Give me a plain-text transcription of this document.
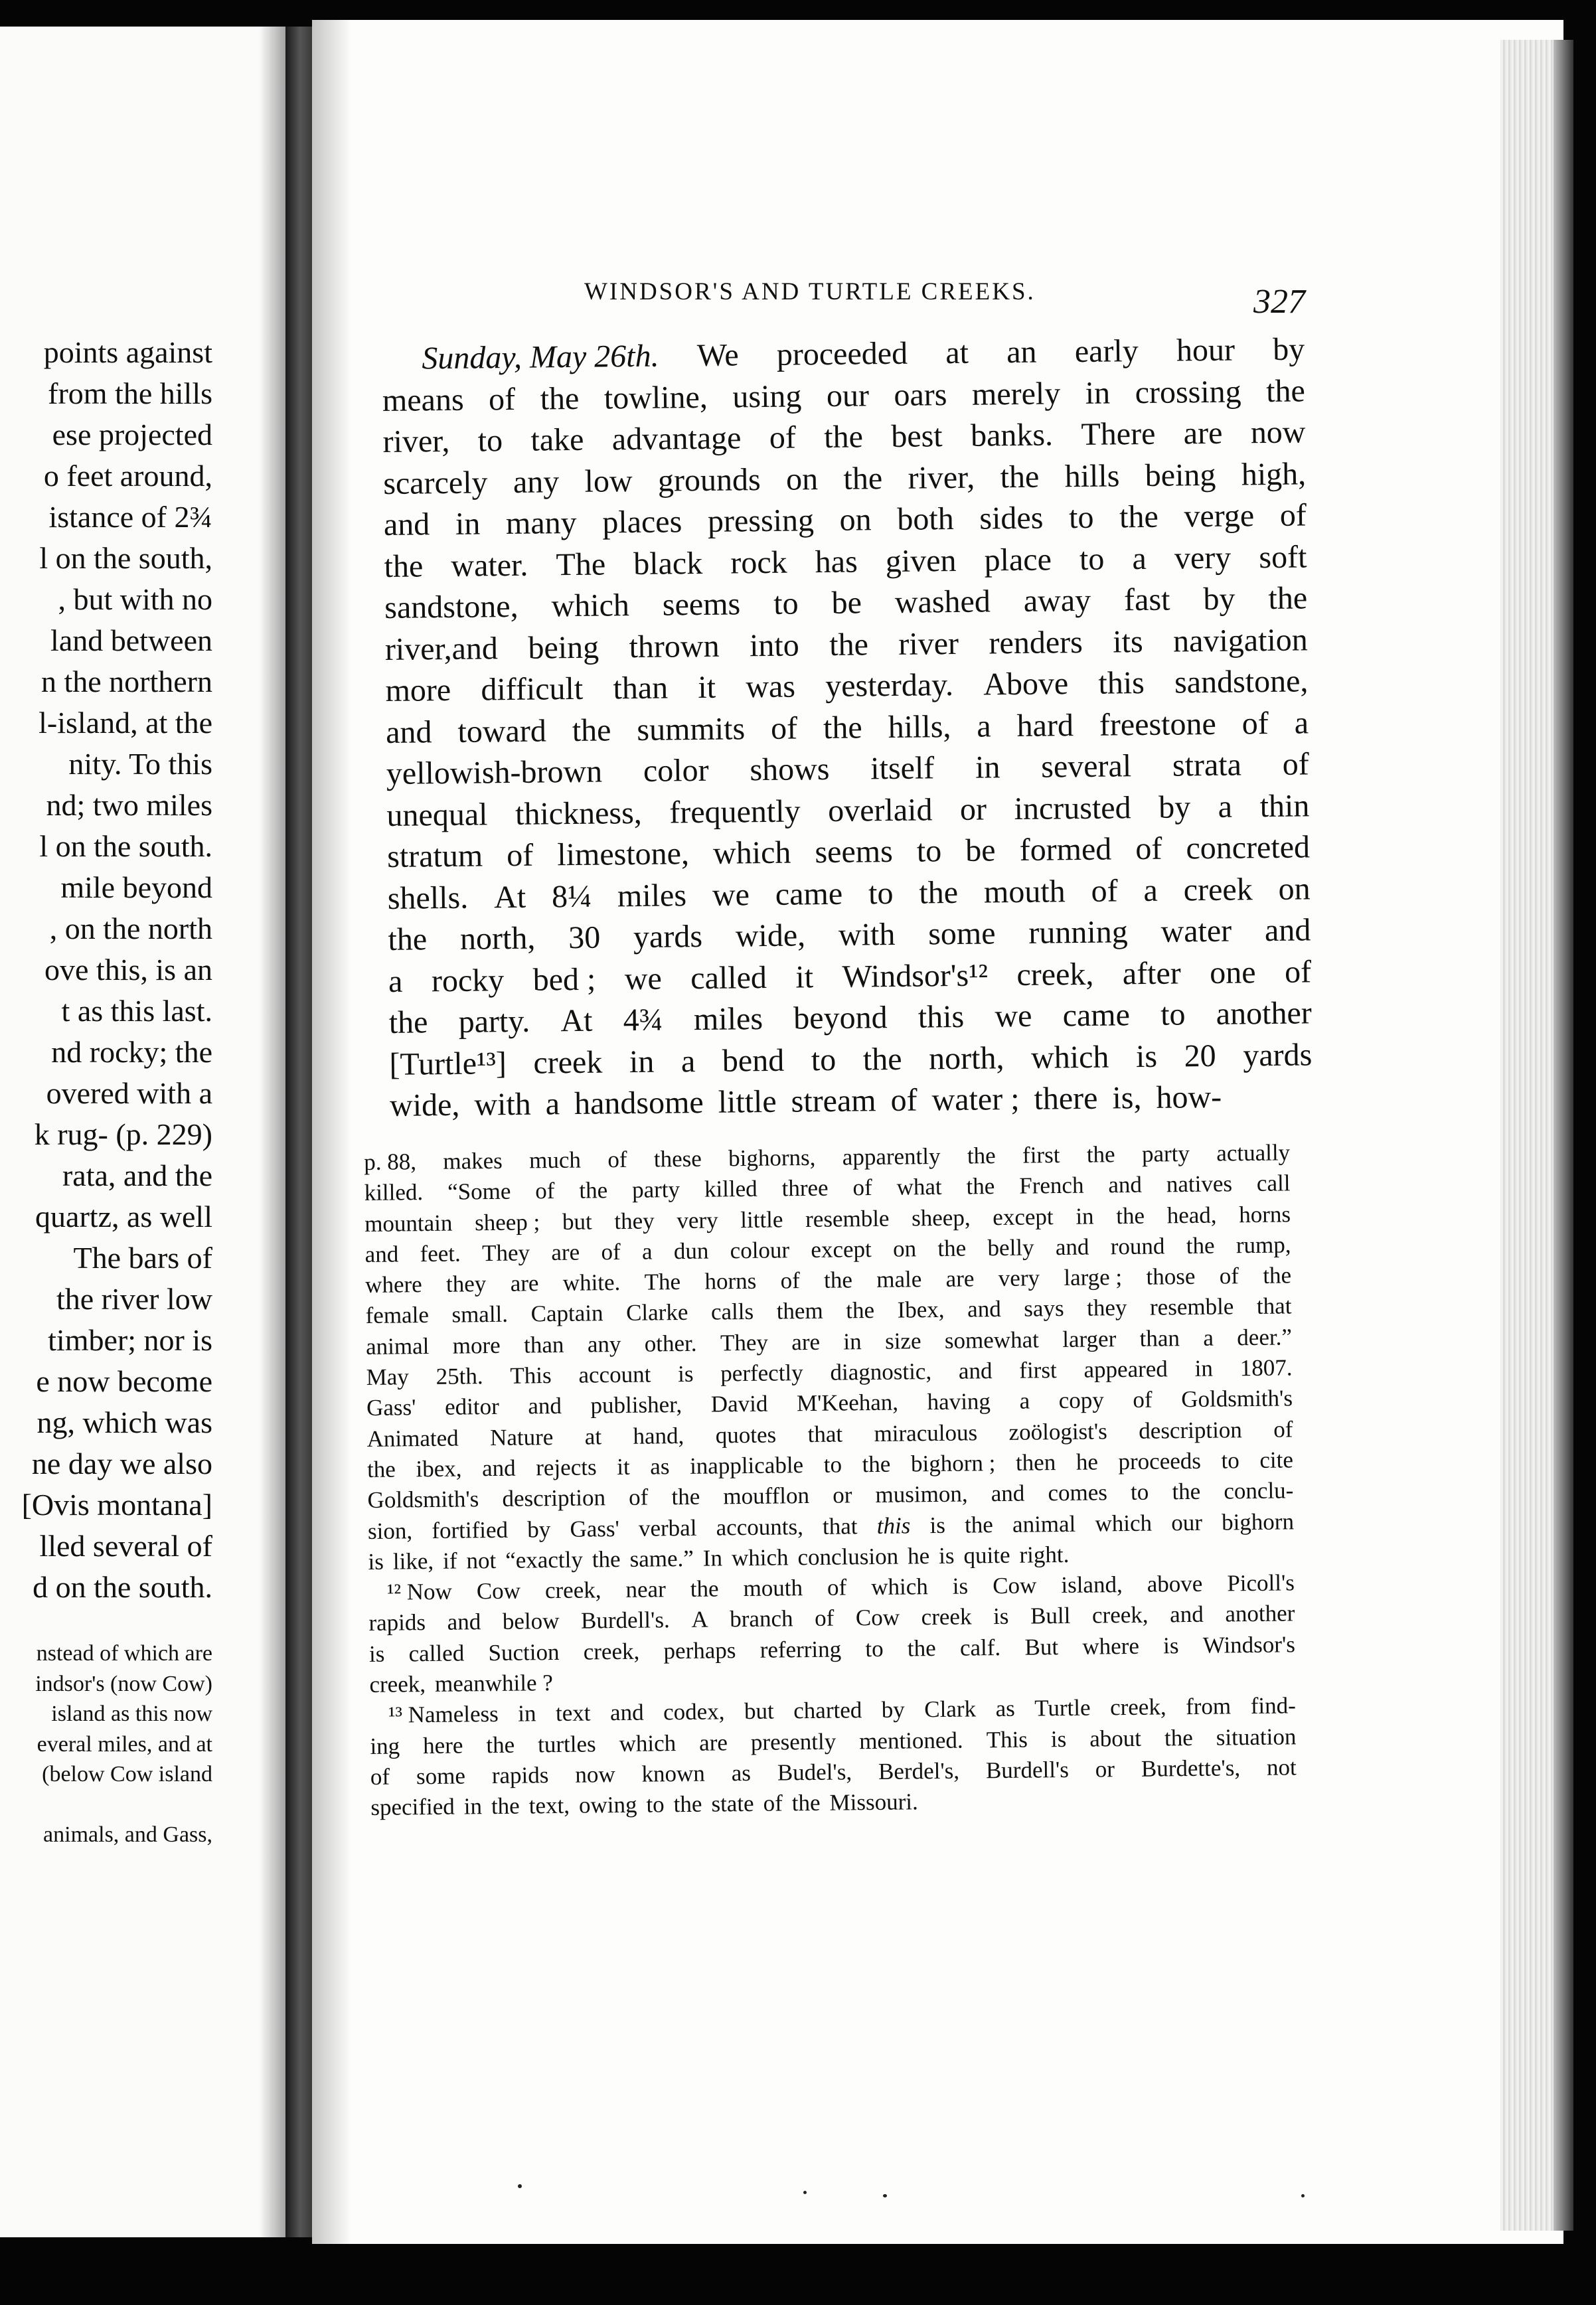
points against
from the hills
ese projected
o feet around,
istance of 2¾
l on the south,
, but with no
land between
n the northern
l-island, at the
nity. To this
nd; two miles
l on the south.
mile beyond
, on the north
ove this, is an
t as this last.
nd rocky; the
overed with a
k rug- (p. 229)
rata, and the
quartz, as well
The bars of
the river low
timber; nor is
e now become
ng, which was
ne day we also
[Ovis montana]
lled several of
d on the south.
nstead of which are
indsor's (now Cow)
island as this now
everal miles, and at
(below Cow island

animals, and Gass,
WINDSOR'S AND TURTLE CREEKS.	327
Sunday, May 26th. We proceeded at an early hour by
means of the towline, using our oars merely in crossing the
river, to take advantage of the best banks. There are now
scarcely any low grounds on the river, the hills being high,
and in many places pressing on both sides to the verge of
the water. The black rock has given place to a very soft
sandstone, which seems to be washed away fast by the
river,and being thrown into the river renders its navigation
more difficult than it was yesterday. Above this sandstone,
and toward the summits of the hills, a hard freestone of a
yellowish-brown color shows itself in several strata of
unequal thickness, frequently overlaid or incrusted by a thin
stratum of limestone, which seems to be formed of concreted
shells. At 8¼ miles we came to the mouth of a creek on
the north, 30 yards wide, with some running water and
a rocky bed ; we called it Windsor's¹² creek, after one of
the party. At 4¾ miles beyond this we came to another
[Turtle¹³] creek in a bend to the north, which is 20 yards
wide, with a handsome little stream of water ; there is, how-
p. 88, makes much of these bighorns, apparently the first the party actually
killed. “Some of the party killed three of what the French and natives call
mountain sheep ; but they very little resemble sheep, except in the head, horns
and feet. They are of a dun colour except on the belly and round the rump,
where they are white. The horns of the male are very large ; those of the
female small. Captain Clarke calls them the Ibex, and says they resemble that
animal more than any other. They are in size somewhat larger than a deer.”
May 25th. This account is perfectly diagnostic, and first appeared in 1807.
Gass' editor and publisher, David M'Keehan, having a copy of Goldsmith's
Animated Nature at hand, quotes that miraculous zoölogist's description of
the ibex, and rejects it as inapplicable to the bighorn ; then he proceeds to cite
Goldsmith's description of the moufflon or musimon, and comes to the conclu-
sion, fortified by Gass' verbal accounts, that this is the animal which our bighorn
is like, if not “exactly the same.” In which conclusion he is quite right.
¹² Now Cow creek, near the mouth of which is Cow island, above Picoll's
rapids and below Burdell's. A branch of Cow creek is Bull creek, and another
is called Suction creek, perhaps referring to the calf. But where is Windsor's
creek, meanwhile ?
¹³ Nameless in text and codex, but charted by Clark as Turtle creek, from find-
ing here the turtles which are presently mentioned. This is about the situation
of some rapids now known as Budel's, Berdel's, Burdell's or Burdette's, not
specified in the text, owing to the state of the Missouri.
